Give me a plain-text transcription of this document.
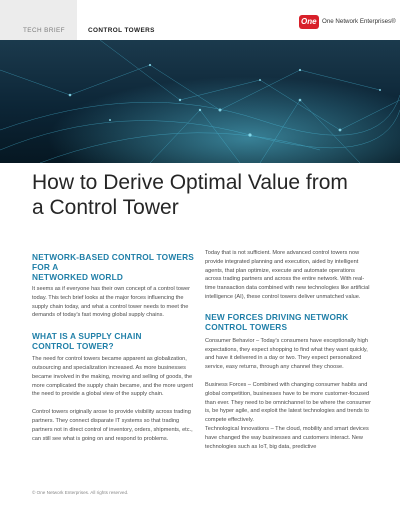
TECH BRIEF	CONTROL TOWERS
One One Network Enterprises®
How to Derive Optimal Value from
a Control Tower
NETWORK-BASED CONTROL TOWERS FOR A
NETWORKED WORLD

It seems as if everyone has their own concept of a control tower today. This tech brief looks at the major forces influencing the supply chain today, and what a control tower needs to meet the demands of today's fast moving global supply chains.

WHAT IS A SUPPLY CHAIN
CONTROL TOWER?

The need for control towers became apparent as globalization, outsourcing and specialization increased. As more businesses became involved in the making, moving and selling of goods, the more complicated the supply chain became, and the more urgent the need to provide a global view of the supply chain.

Control towers originally arose to provide visibility across trading partners. They connect disparate IT systems so that trading partners not in direct control of inventory, orders, shipments, etc., can still see what is going on and respond to problems.

Today that is not sufficient. More advanced control towers now provide integrated planning and execution, aided by intelligent agents, that plan optimize, execute and automate operations across trading partners and across the entire network. With real-time transaction data combined with new technologies like artificial intelligence (AI), these control towers deliver unmatched value.

NEW FORCES DRIVING NETWORK
CONTROL TOWERS

Consumer Behavior – Today's consumers have exceptionally high expectations, they expect shopping to find what they want quickly, and have it delivered in a day or two. They expect personalized service, easy returns, through any channel they choose.

Business Forces – Combined with changing consumer habits and global competition, businesses have to be more customer-focused than ever. They need to be omnichannel to be where the consumer is, be hyper agile, and exploit the latest technologies and trends to compete effectively.

Technological Innovations – The cloud, mobility and smart devices have changed the way businesses and customers interact. New technologies such as IoT, big data, predictive

© One Network Enterprises. All rights reserved.
